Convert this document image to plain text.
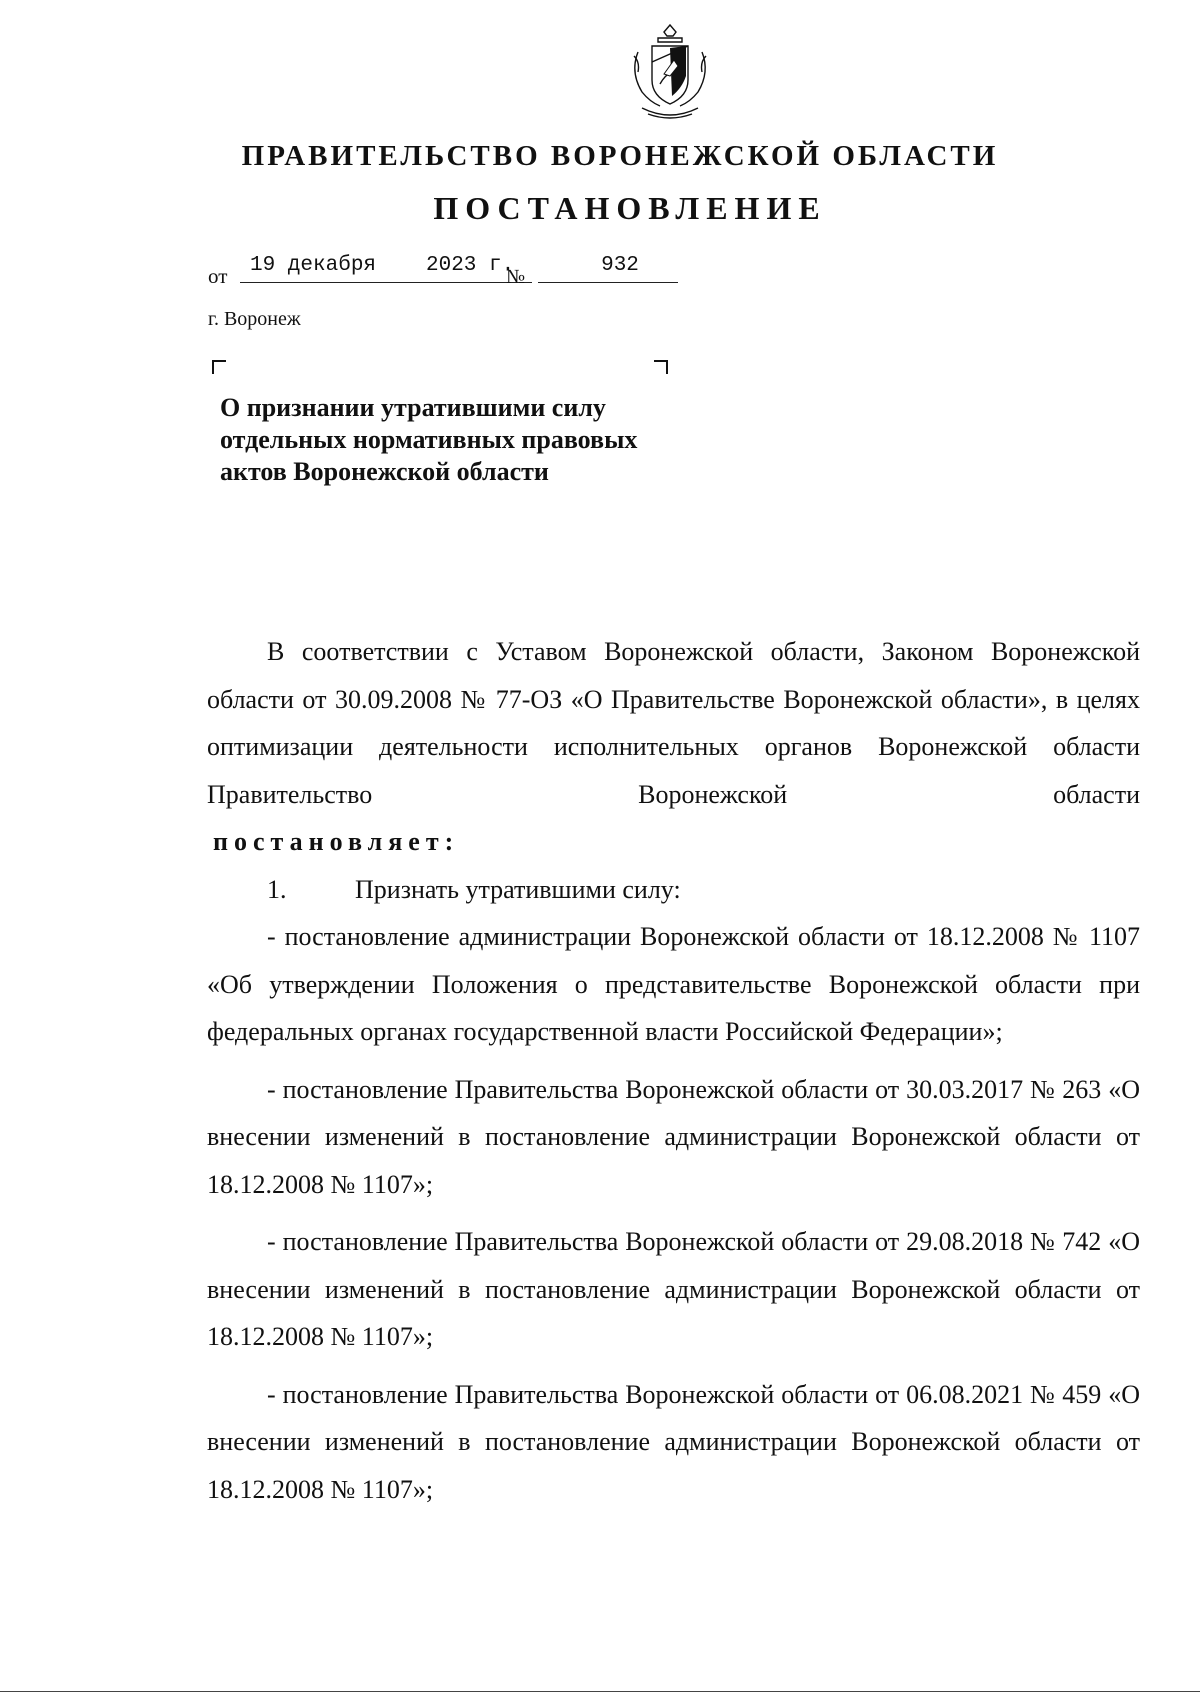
ПРАВИТЕЛЬСТВО ВОРОНЕЖСКОЙ ОБЛАСТИ
ПОСТАНОВЛЕНИЕ
от	19 декабря	2023 г.
№	932
г. Воронеж
О признании утратившими силу отдельных нормативных правовых актов Воронежской области

В соответствии с Уставом Воронежской области, Законом Воронежской области от 30.09.2008 № 77-ОЗ «О Правительстве Воронежской области», в целях оптимизации деятельности исполнительных органов Воронежской области Правительство Воронежской области

постановляет:

1.	Признать утратившими силу:

- постановление администрации Воронежской области от 18.12.2008 № 1107 «Об утверждении Положения о представительстве Воронежской области при федеральных органах государственной власти Российской Федерации»;

- постановление Правительства Воронежской области от 30.03.2017 № 263 «О внесении изменений в постановление администрации Воронежской области от 18.12.2008 № 1107»;

- постановление Правительства Воронежской области от 29.08.2018 № 742 «О внесении изменений в постановление администрации Воронежской области от 18.12.2008 № 1107»;

- постановление Правительства Воронежской области от 06.08.2021 № 459 «О внесении изменений в постановление администрации Воронежской области от 18.12.2008 № 1107»;
